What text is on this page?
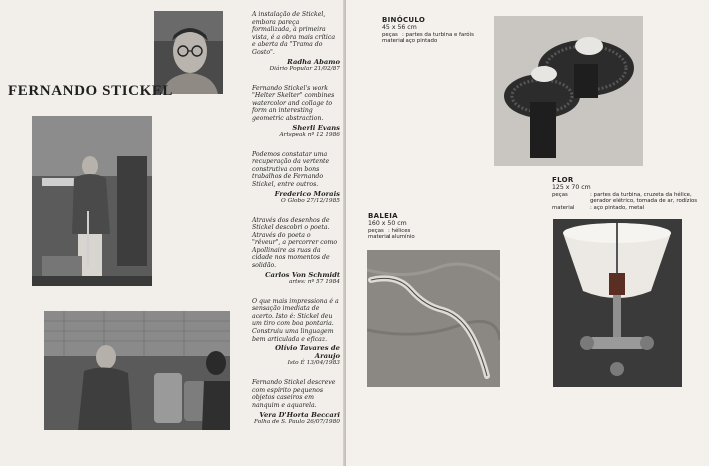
FERNANDO STICKEL

A instalação de Stickel, embora pareça formalizada, à primeira vista, é a obra mais crítica e aberta da "Trama do Gosto".

Radha Abamo

Diário Popular 21/02/87

Fernando Stickel's work "Helter Skelter" combines watercolor and collage to form an interesting geometric abstraction.

Sherli Evans

Artspeak nº 12 1986

Podemos constatar uma recuperação da vertente construtiva com bons trabalhos de Fernando Stickel, entre outros.

Frederico Morais

O Globo 27/12/1985

Através dos desenhos de Stickel descobri o poeta. Através do poeta o "rêveur", a percorrer como Apollinaire as ruas da cidade nos momentos de solidão.

Carlos Von Schmidt

artes: nº 57 1984

O que mais impressiona é a sensação imediata de acerto. Isto é: Stickel deu um tiro com boa pontaria. Construiu uma linguagem bem articulada e eficaz.

Olívio Tavares de Araujo

Isto É 13/04/1983

Fernando Stickel descreve com espírito pequenos objetos caseiros em nanquim e aquarela.

Vera D'Horta Beccari

Folha de S. Paulo 26/07/1980

BINÓCULO

45 x 56 cm

peças : partes da turbina e faróis

material
: aço pintado

FLOR

125 x 70 cm

peças	: partes da turbina, cruzeta da hélice, gerador elétrico, tomada de ar, rodízios

material	: aço pintado, metal

BALEIA

160 x 50 cm

peças : hélices

material
: alumínio
